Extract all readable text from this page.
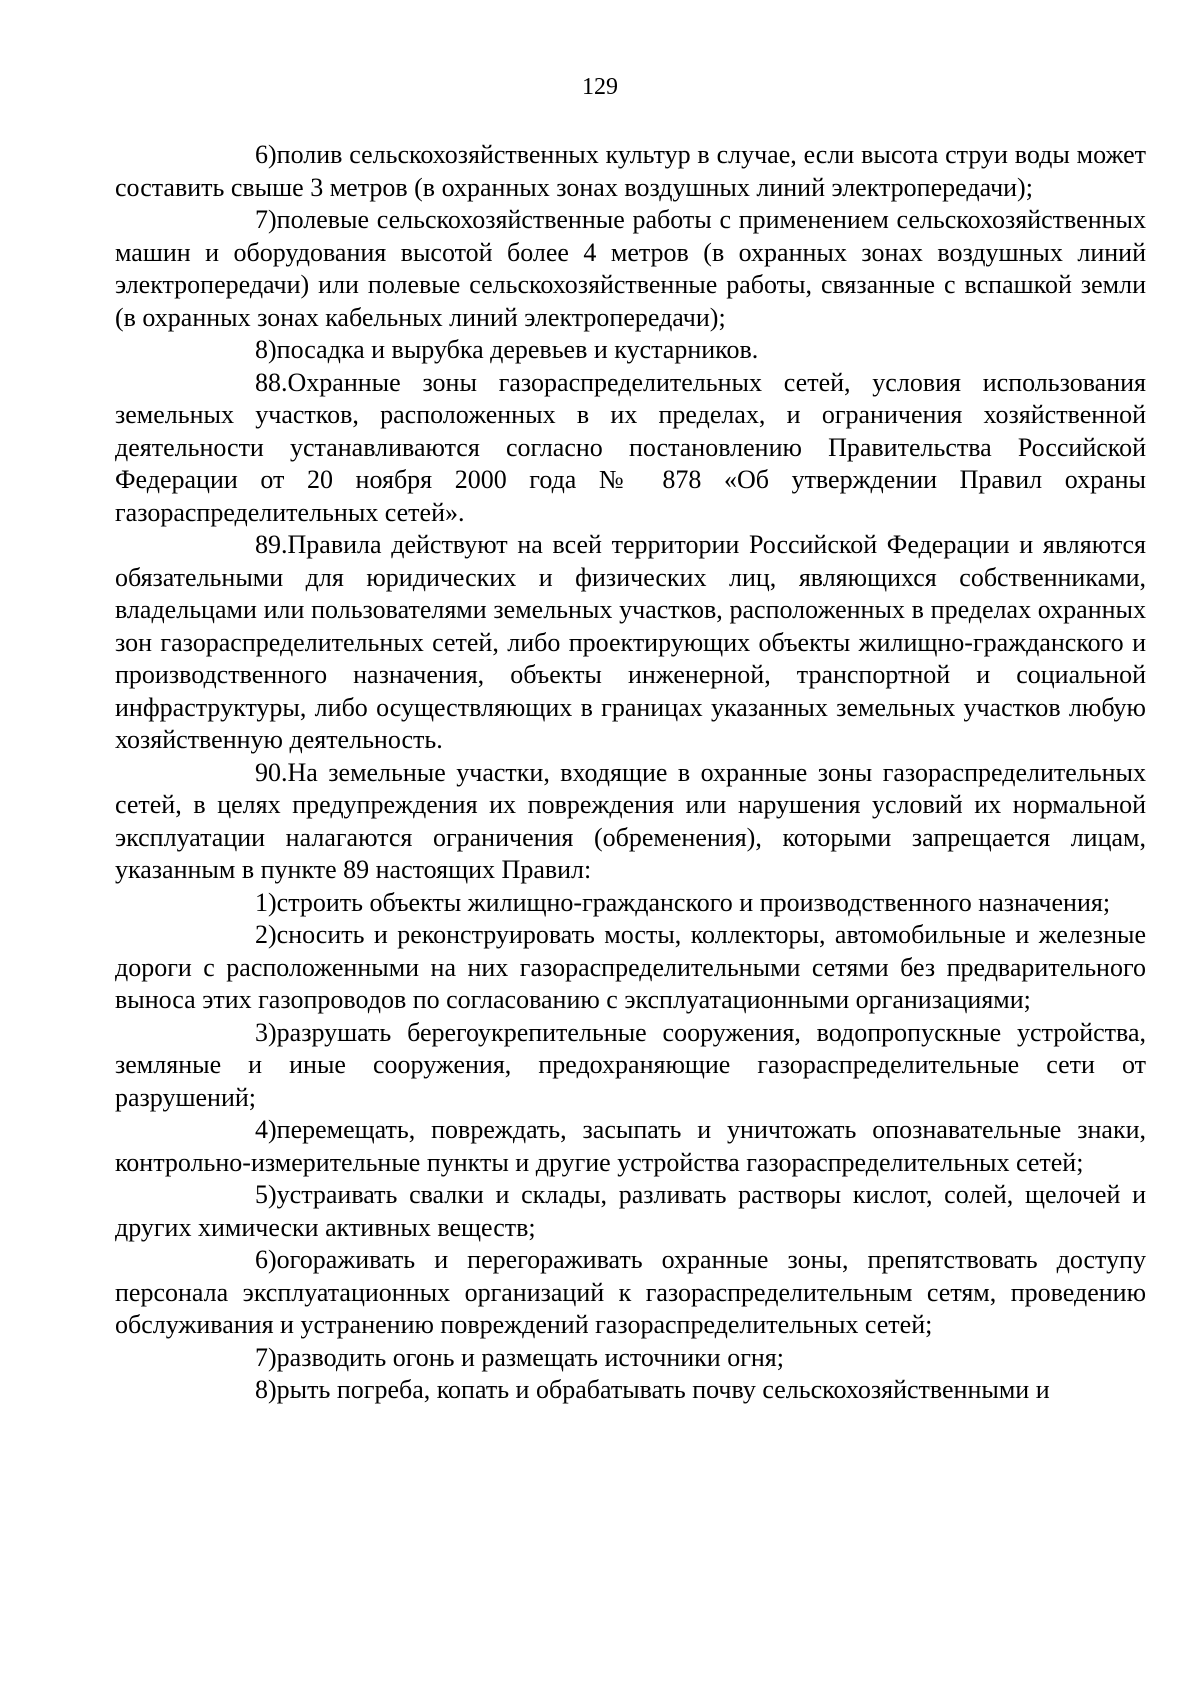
129

6)полив сельскохозяйственных культур в случае, если высота струи воды может составить свыше 3 метров (в охранных зонах воздушных линий электропередачи);

7)полевые сельскохозяйственные работы с применением сельскохозяйственных машин и оборудования высотой более 4 метров (в охранных зонах воздушных линий электропередачи) или полевые сельскохозяйственные работы, связанные с вспашкой земли (в охранных зонах кабельных линий электропередачи);

8)посадка и вырубка деревьев и кустарников.

88.Охранные зоны газораспределительных сетей, условия использования земельных участков, расположенных в их пределах, и ограничения хозяйственной деятельности устанавливаются согласно постановлению Правительства Российской Федерации от 20 ноября 2000 года № 878 «Об утверждении Правил охраны газораспределительных сетей».

89.Правила действуют на всей территории Российской Федерации и являются обязательными для юридических и физических лиц, являющихся собственниками, владельцами или пользователями земельных участков, расположенных в пределах охранных зон газораспределительных сетей, либо проектирующих объекты жилищно-гражданского и производственного назначения, объекты инженерной, транспортной и социальной инфраструктуры, либо осуществляющих в границах указанных земельных участков любую хозяйственную деятельность.

90.На земельные участки, входящие в охранные зоны газораспределительных сетей, в целях предупреждения их повреждения или нарушения условий их нормальной эксплуатации налагаются ограничения (обременения), которыми запрещается лицам, указанным в пункте 89 настоящих Правил:

1)строить объекты жилищно-гражданского и производственного назначения;

2)сносить и реконструировать мосты, коллекторы, автомобильные и железные дороги с расположенными на них газораспределительными сетями без предварительного выноса этих газопроводов по согласованию с эксплуатационными организациями;

3)разрушать берегоукрепительные сооружения, водопропускные устройства, земляные и иные сооружения, предохраняющие газораспределительные сети от разрушений;

4)перемещать, повреждать, засыпать и уничтожать опознавательные знаки, контрольно-измерительные пункты и другие устройства газораспределительных сетей;

5)устраивать свалки и склады, разливать растворы кислот, солей, щелочей и других химически активных веществ;

6)огораживать и перегораживать охранные зоны, препятствовать доступу персонала эксплуатационных организаций к газораспределительным сетям, проведению обслуживания и устранению повреждений газораспределительных сетей;

7)разводить огонь и размещать источники огня;

8)рыть погреба, копать и обрабатывать почву сельскохозяйственными и
